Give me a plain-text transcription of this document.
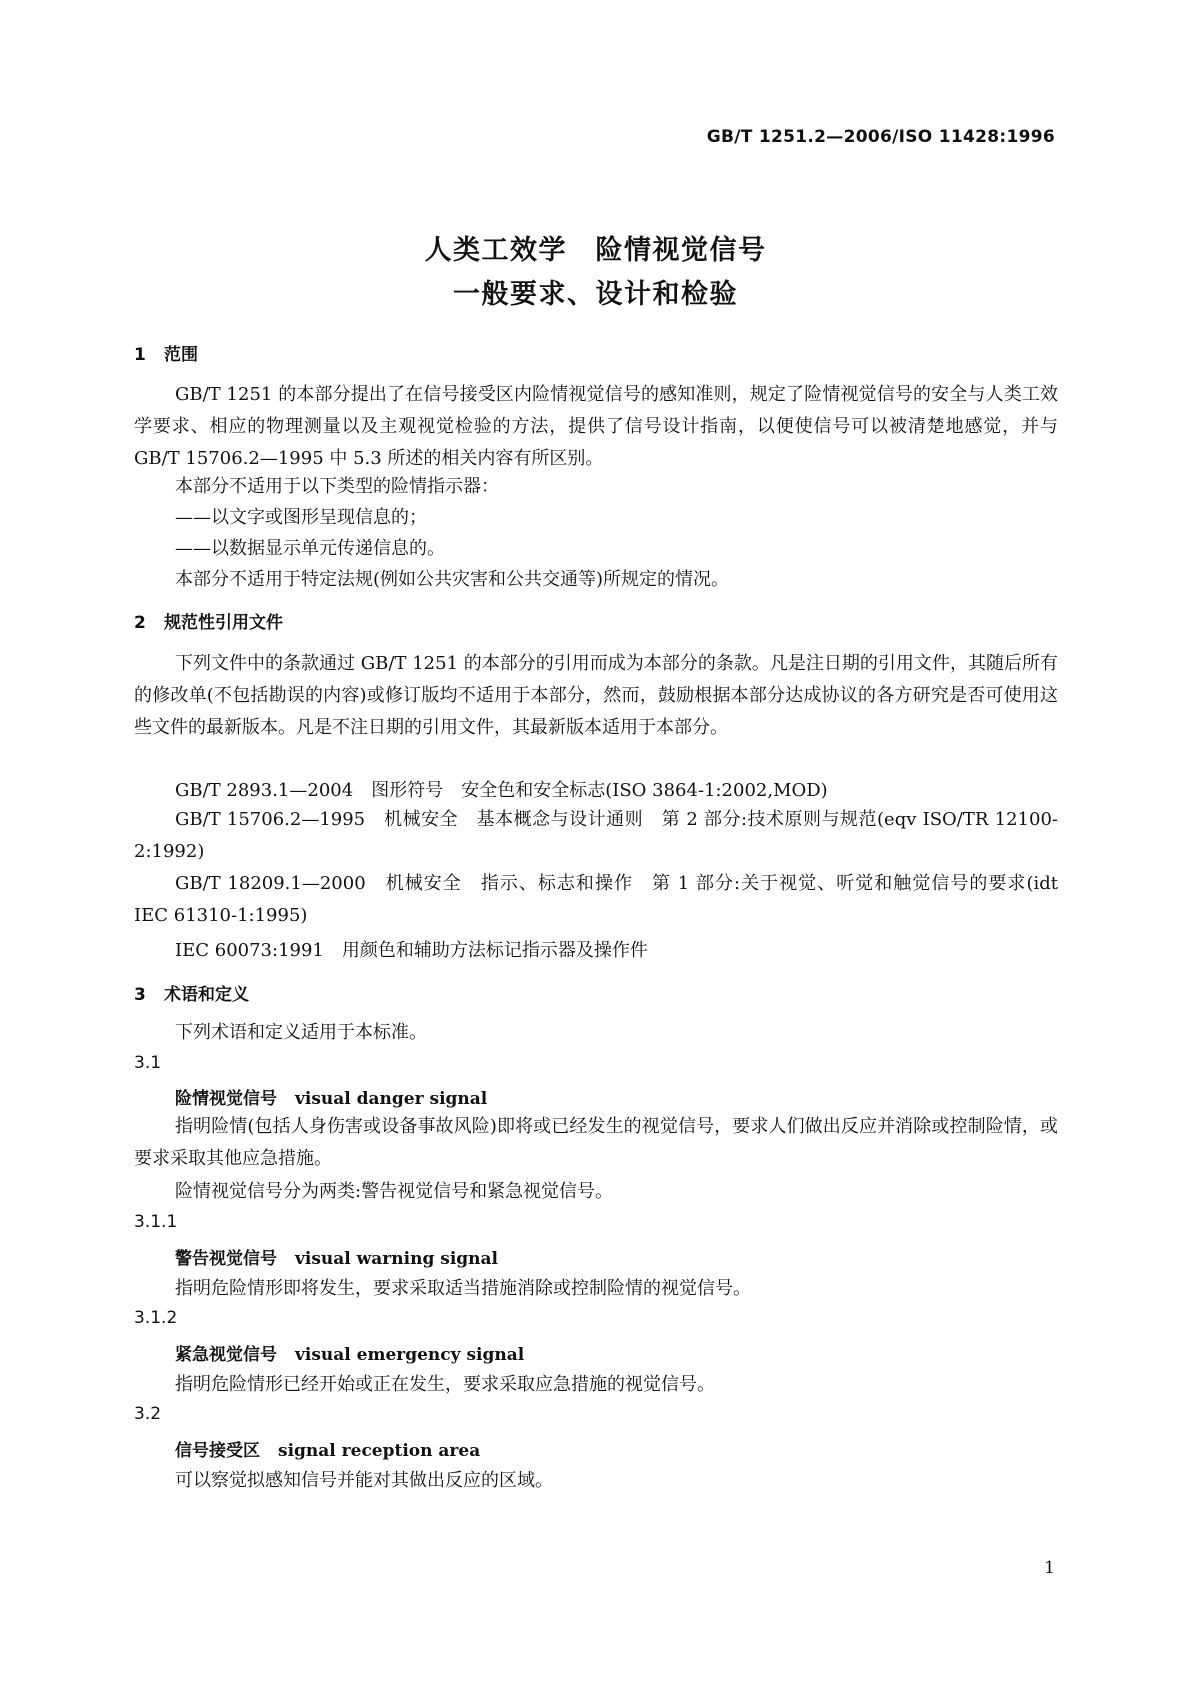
GB/T 1251.2—2006/ISO 11428:1996
人类工效学　险情视觉信号
一般要求、设计和检验
1 范围
GB/T 1251 的本部分提出了在信号接受区内险情视觉信号的感知准则，规定了险情视觉信号的安全与人类工效学要求、相应的物理测量以及主观视觉检验的方法，提供了信号设计指南，以便使信号可以被清楚地感觉，并与 GB/T 15706.2—1995 中 5.3 所述的相关内容有所区别。
本部分不适用于以下类型的险情指示器：
——以文字或图形呈现信息的；
——以数据显示单元传递信息的。
本部分不适用于特定法规(例如公共灾害和公共交通等)所规定的情况。
2 规范性引用文件
下列文件中的条款通过 GB/T 1251 的本部分的引用而成为本部分的条款。凡是注日期的引用文件，其随后所有的修改单(不包括勘误的内容)或修订版均不适用于本部分，然而，鼓励根据本部分达成协议的各方研究是否可使用这些文件的最新版本。凡是不注日期的引用文件，其最新版本适用于本部分。
GB/T 2893.1—2004　图形符号　安全色和安全标志(ISO 3864-1:2002,MOD)
GB/T 15706.2—1995　机械安全　基本概念与设计通则　第 2 部分:技术原则与规范(eqv ISO/TR 12100-2:1992)
GB/T 18209.1—2000　机械安全　指示、标志和操作　第 1 部分:关于视觉、听觉和触觉信号的要求(idt IEC 61310-1:1995)
IEC 60073:1991　用颜色和辅助方法标记指示器及操作件
3 术语和定义
下列术语和定义适用于本标准。
3.1
险情视觉信号 visual danger signal
指明险情(包括人身伤害或设备事故风险)即将或已经发生的视觉信号，要求人们做出反应并消除或控制险情，或要求采取其他应急措施。
险情视觉信号分为两类:警告视觉信号和紧急视觉信号。
3.1.1
警告视觉信号 visual warning signal
指明危险情形即将发生，要求采取适当措施消除或控制险情的视觉信号。
3.1.2
紧急视觉信号 visual emergency signal
指明危险情形已经开始或正在发生，要求采取应急措施的视觉信号。
3.2
信号接受区 signal reception area
可以察觉拟感知信号并能对其做出反应的区域。
1
